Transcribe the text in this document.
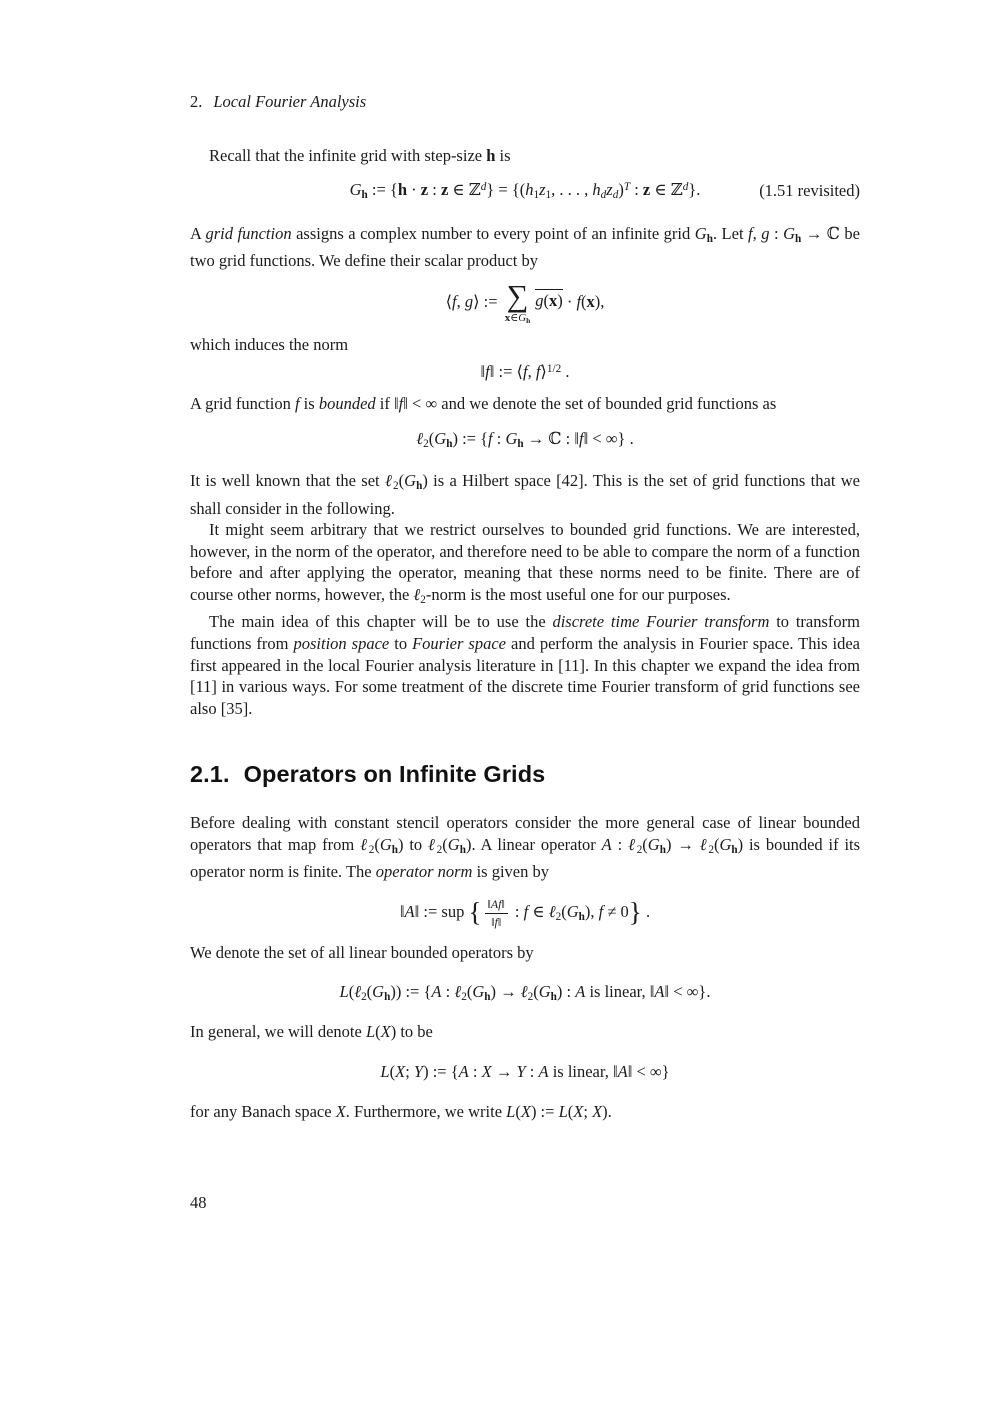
2. Local Fourier Analysis

Recall that the infinite grid with step-size h is

Gh := {h · z : z ∈ ℤ$^d$} = {(h1z1, . . . , hdzd)$^T$ : z ∈ ℤ$^d$}.	(1.51 revisited)

A grid function assigns a complex number to every point of an infinite grid Gh. Let f, g : Gh → ℂ be two grid functions. We define their scalar product by

⟨f, g⟩ := ∑
x∈Gh
g(x) · f(x),

which induces the norm

‖f‖ := ⟨f, f⟩$^{1/2}$ .

A grid function f is bounded if ‖f‖ < ∞ and we denote the set of bounded grid functions as

ℓ2(Gh) := {f : Gh → ℂ : ‖f‖ < ∞} .

It is well known that the set ℓ2(Gh) is a Hilbert space [42]. This is the set of grid functions that we shall consider in the following.

It might seem arbitrary that we restrict ourselves to bounded grid functions. We are interested, however, in the norm of the operator, and therefore need to be able to compare the norm of a function before and after applying the operator, meaning that these norms need to be finite. There are of course other norms, however, the ℓ2-norm is the most useful one for our purposes.

The main idea of this chapter will be to use the discrete time Fourier transform to transform functions from position space to Fourier space and perform the analysis in Fourier space. This idea first appeared in the local Fourier analysis literature in [11]. In this chapter we expand the idea from [11] in various ways. For some treatment of the discrete time Fourier transform of grid functions see also [35].

2.1. Operators on Infinite Grids

Before dealing with constant stencil operators consider the more general case of linear bounded operators that map from ℓ2(Gh) to ℓ2(Gh). A linear operator A : ℓ2(Gh) → ℓ2(Gh) is bounded if its operator norm is finite. The operator norm is given by

‖A‖ := sup { $\frac{‖Af‖}{‖f‖}$ : f ∈ ℓ2(Gh), f ≠ 0} .

We denote the set of all linear bounded operators by

L(ℓ2(Gh)) := {A : ℓ2(Gh) → ℓ2(Gh) : A is linear, ‖A‖ < ∞}.

In general, we will denote L(X) to be

L(X; Y) := {A : X → Y : A is linear, ‖A‖ < ∞}

for any Banach space X. Furthermore, we write L(X) := L(X; X).

48
